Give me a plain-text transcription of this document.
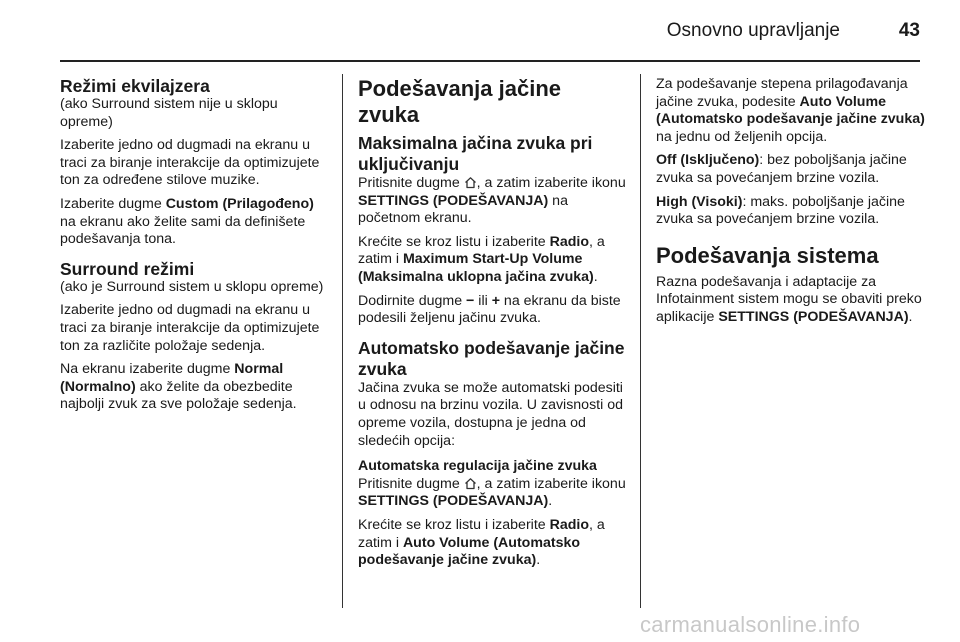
Osnovno upravljanje	43
Režimi ekvilajzera

(ako Surround sistem nije u sklopu opreme)

Izaberite jedno od dugmadi na ekranu u traci za biranje interakcije da optimizujete ton za određene stilove muzike.

Izaberite dugme Custom (Prilagođeno) na ekranu ako želite sami da definišete podešavanja tona.

Surround režimi

(ako je Surround sistem u sklopu opreme)

Izaberite jedno od dugmadi na ekranu u traci za biranje interakcije da optimizujete ton za različite položaje sedenja.

Na ekranu izaberite dugme Normal (Normalno) ako želite da obezbedite najbolji zvuk za sve položaje sedenja.

Podešavanja jačine zvuka
Maksimalna jačina zvuka pri uključivanju

Pritisnite dugme , a zatim izaberite ikonu SETTINGS (PODEŠAVANJA) na početnom ekranu.

Krećite se kroz listu i izaberite Radio, a zatim i Maximum Start-Up Volume (Maksimalna uklopna jačina zvuka).

Dodirnite dugme − ili + na ekranu da biste podesili željenu jačinu zvuka.

Automatsko podešavanje jačine zvuka

Jačina zvuka se može automatski podesiti u odnosu na brzinu vozila. U zavisnosti od opreme vozila, dostupna je jedna od sledećih opcija:

Automatska regulacija jačine zvuka

Pritisnite dugme , a zatim izaberite ikonu SETTINGS (PODEŠAVANJA).

Krećite se kroz listu i izaberite Radio, a zatim i Auto Volume (Automatsko podešavanje jačine zvuka).

Za podešavanje stepena prilagođavanja jačine zvuka, podesite Auto Volume (Automatsko podešavanje jačine zvuka) na jednu od željenih opcija.

Off (Isključeno): bez poboljšanja jačine zvuka sa povećanjem brzine vozila.

High (Visoki): maks. poboljšanje jačine zvuka sa povećanjem brzine vozila.

Podešavanja sistema

Razna podešavanja i adaptacije za Infotainment sistem mogu se obaviti preko aplikacije SETTINGS (PODEŠAVANJA).

carmanualsonline.info
